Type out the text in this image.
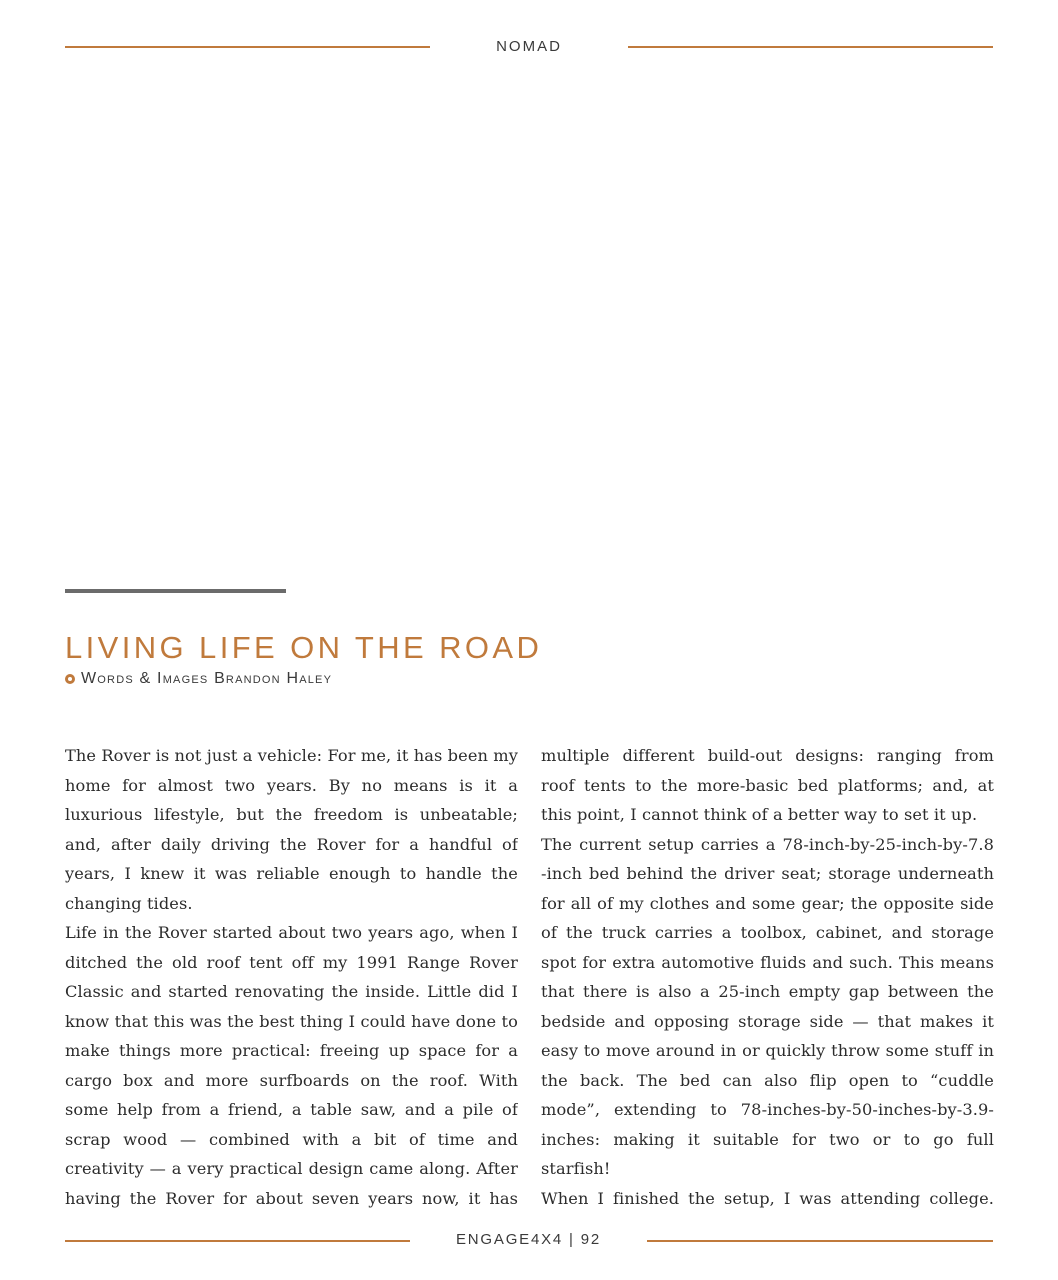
NOMAD
LIVING LIFE ON THE ROAD
Words & Images Brandon Haley

The Rover is not just a vehicle: For me, it has been my home for almost two years. By no means is it a luxurious lifestyle, but the freedom is unbeatable; and, after daily driving the Rover for a handful of years, I knew it was reliable enough to handle the changing tides.

Life in the Rover started about two years ago, when I ditched the old roof tent off my 1991 Range Rover Classic and started renovating the inside. Little did I know that this was the best thing I could have done to make things more practical: freeing up space for a cargo box and more surfboards on the roof. With some help from a friend, a table saw, and a pile of scrap wood — combined with a bit of time and creativity — a very practical design came along. After having the Rover for about seven years now, it has

multiple different build-out designs: ranging from roof tents to the more-basic bed platforms; and, at this point, I cannot think of a better way to set it up.

The current setup carries a 78-inch-by-25-inch-by-7.8 -inch bed behind the driver seat; storage underneath for all of my clothes and some gear; the opposite side of the truck carries a toolbox, cabinet, and storage spot for extra automotive fluids and such. This means that there is also a 25-inch empty gap between the bedside and opposing storage side — that makes it easy to move around in or quickly throw some stuff in the back. The bed can also flip open to “cuddle mode”, extending to 78-inches-by-50-inches-by-3.9-inches: making it suitable for two or to go full starfish!

When I finished the setup, I was attending college.

ENGAGE4X4 | 92
